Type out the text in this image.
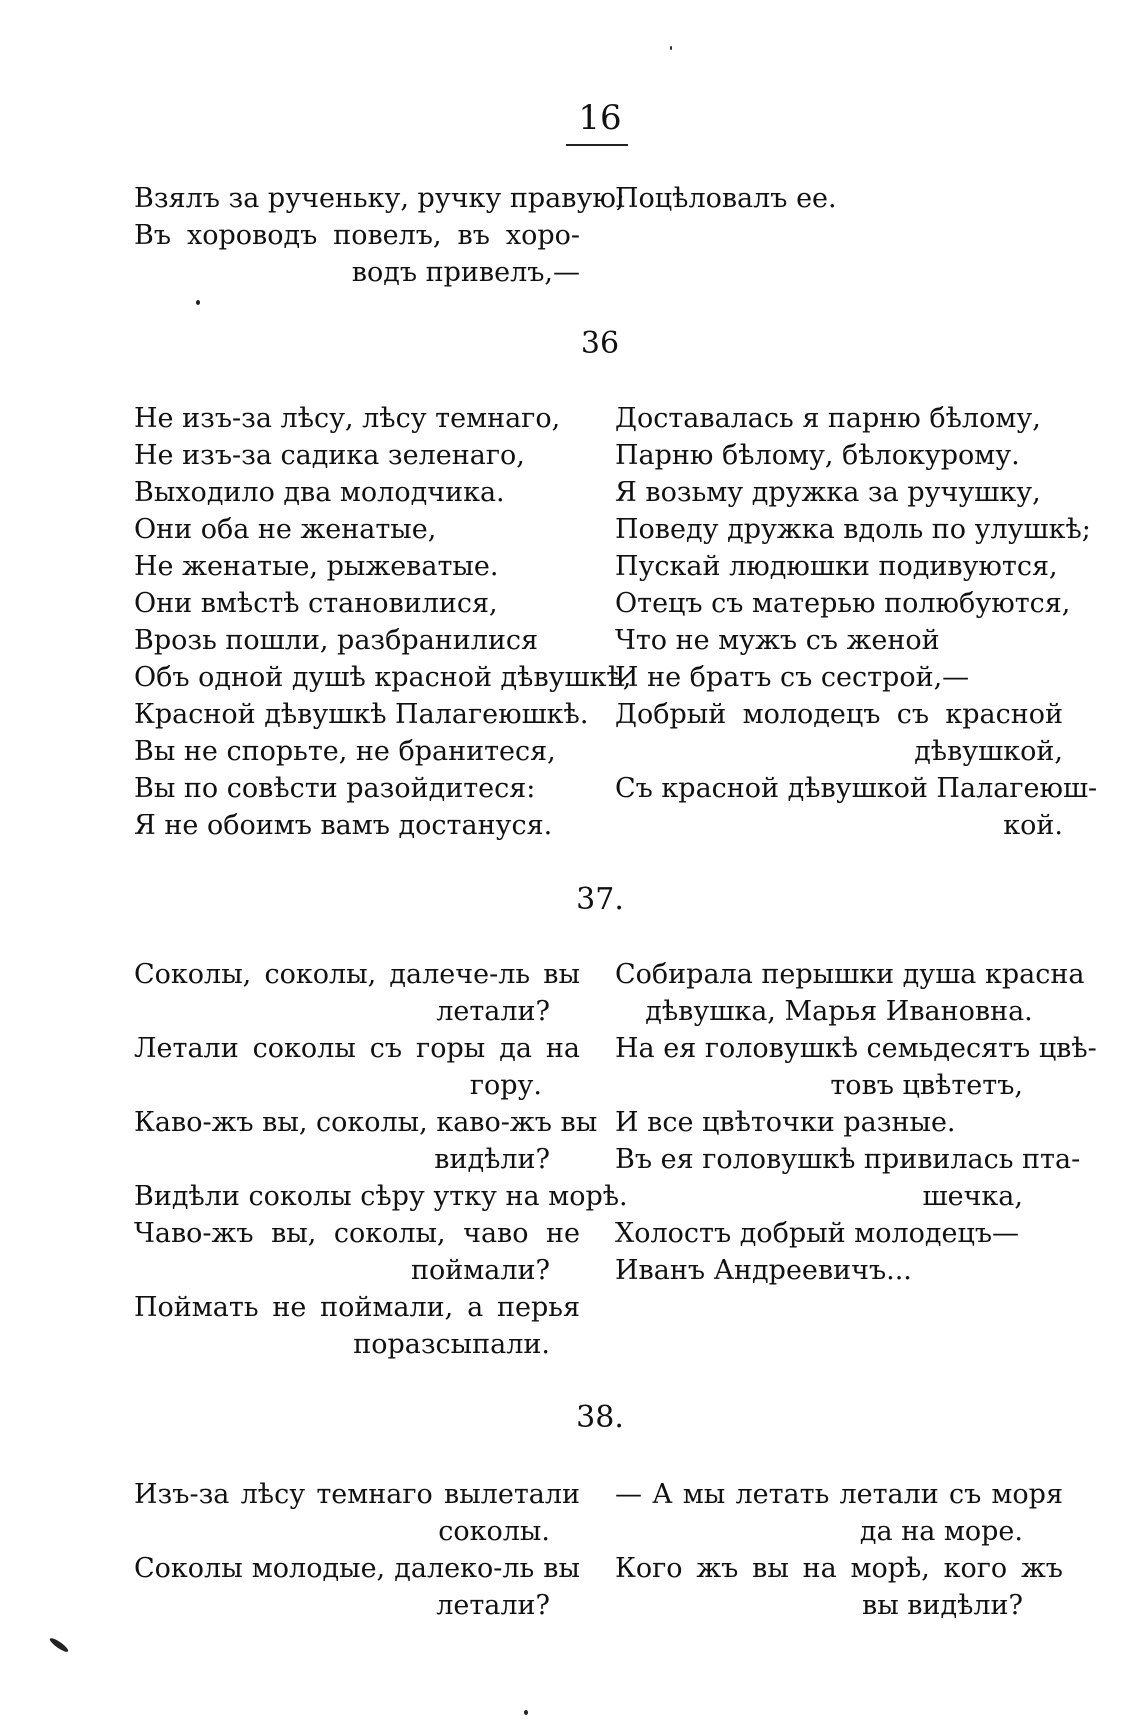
16
Взялъ за рученьку, ручку правую;
Въ хороводъ повелъ, въ хоро-
водъ привелъ,—
Поцѣловалъ ее.
36
Не изъ-за лѣсу, лѣсу темнаго,
Не изъ-за садика зеленаго,
Выходило два молодчика.
Они оба не женатые,
Не женатые, рыжеватые.
Они вмѣстѣ становилися,
Врозь пошли, разбранилися
Объ одной душѣ красной дѣвушкѣ,
Красной дѣвушкѣ Палагеюшкѣ.
Вы не спорьте, не бранитеся,
Вы по совѣсти разойдитеся:
Я не обоимъ вамъ достануся.
Доставалась я парню бѣлому,
Парню бѣлому, бѣлокурому.
Я возьму дружка за ручушку,
Поведу дружка вдоль по улушкѣ;
Пускай людюшки подивуются,
Отецъ съ матерью полюбуются,
Что не мужъ съ женой
И не братъ съ сестрой,—
Добрый молодецъ съ красной
дѣвушкой,
Съ красной дѣвушкой Палагеюш-
кой.
37.
Соколы, соколы, далече-ль вы
летали?
Летали соколы съ горы да на
гору.
Каво-жъ вы, соколы, каво-жъ вы
видѣли?
Видѣли соколы сѣру утку на морѣ.
Чаво-жъ вы, соколы, чаво не
поймали?
Поймать не поймали, а перья
поразсыпали.
Собирала перышки душа красна
дѣвушка, Марья Ивановна.
На ея головушкѣ семьдесятъ цвѣ-
товъ цвѣтетъ,
И все цвѣточки разные.
Въ ея головушкѣ привилась пта-
шечка,
Холостъ добрый молодецъ—
Иванъ Андреевичъ...
38.
Изъ-за лѣсу темнаго вылетали
соколы.
Соколы молодые, далеко-ль вы
летали?
— А мы летать летали съ моря
да на море.
Кого жъ вы на морѣ, кого жъ
вы видѣли?
